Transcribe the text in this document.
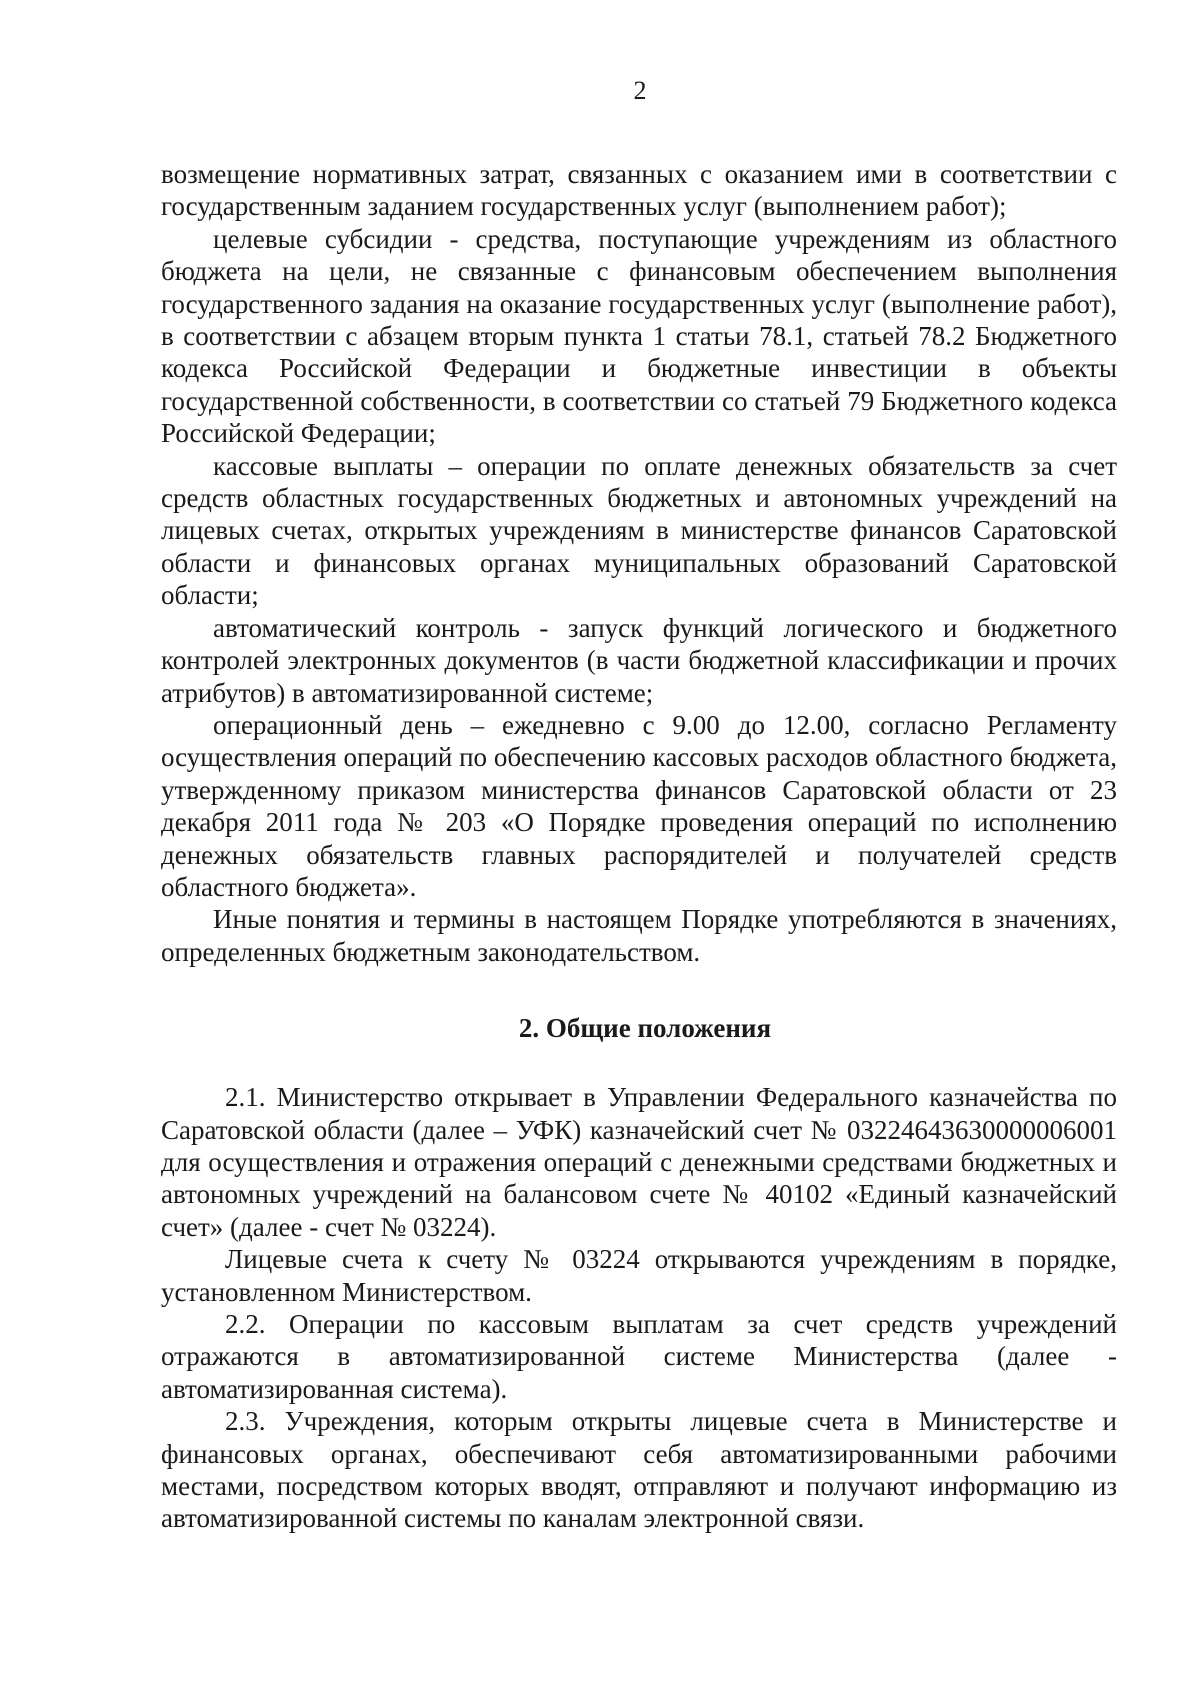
2

возмещение нормативных затрат, связанных с оказанием ими в соответствии с государственным заданием государственных услуг (выполнением работ);

целевые субсидии - средства, поступающие учреждениям из областного бюджета на цели, не связанные с финансовым обеспечением выполнения государственного задания на оказание государственных услуг (выполнение работ), в соответствии с абзацем вторым пункта 1 статьи 78.1, статьей 78.2 Бюджетного кодекса Российской Федерации и бюджетные инвестиции в объекты государственной собственности, в соответствии со статьей 79 Бюджетного кодекса Российской Федерации;

кассовые выплаты – операции по оплате денежных обязательств за счет средств областных государственных бюджетных и автономных учреждений на лицевых счетах, открытых учреждениям в министерстве финансов Саратовской области и финансовых органах муниципальных образований Саратовской области;

автоматический контроль - запуск функций логического и бюджетного контролей электронных документов (в части бюджетной классификации и прочих атрибутов) в автоматизированной системе;

операционный день – ежедневно с 9.00 до 12.00, согласно Регламенту осуществления операций по обеспечению кассовых расходов областного бюджета, утвержденному приказом министерства финансов Саратовской области от 23 декабря 2011 года № 203 «О Порядке проведения операций по исполнению денежных обязательств главных распорядителей и получателей средств областного бюджета».

Иные понятия и термины в настоящем Порядке употребляются в значениях, определенных бюджетным законодательством.

2. Общие положения

2.1. Министерство открывает в Управлении Федерального казначейства по Саратовской области (далее – УФК) казначейский счет № 03224643630000006001 для осуществления и отражения операций с денежными средствами бюджетных и автономных учреждений на балансовом счете № 40102 «Единый казначейский счет» (далее - счет № 03224).

Лицевые счета к счету № 03224 открываются учреждениям в порядке, установленном Министерством.

2.2. Операции по кассовым выплатам за счет средств учреждений отражаются в автоматизированной системе Министерства (далее - автоматизированная система).

2.3. Учреждения, которым открыты лицевые счета в Министерстве и финансовых органах, обеспечивают себя автоматизированными рабочими местами, посредством которых вводят, отправляют и получают информацию из автоматизированной системы по каналам электронной связи.
